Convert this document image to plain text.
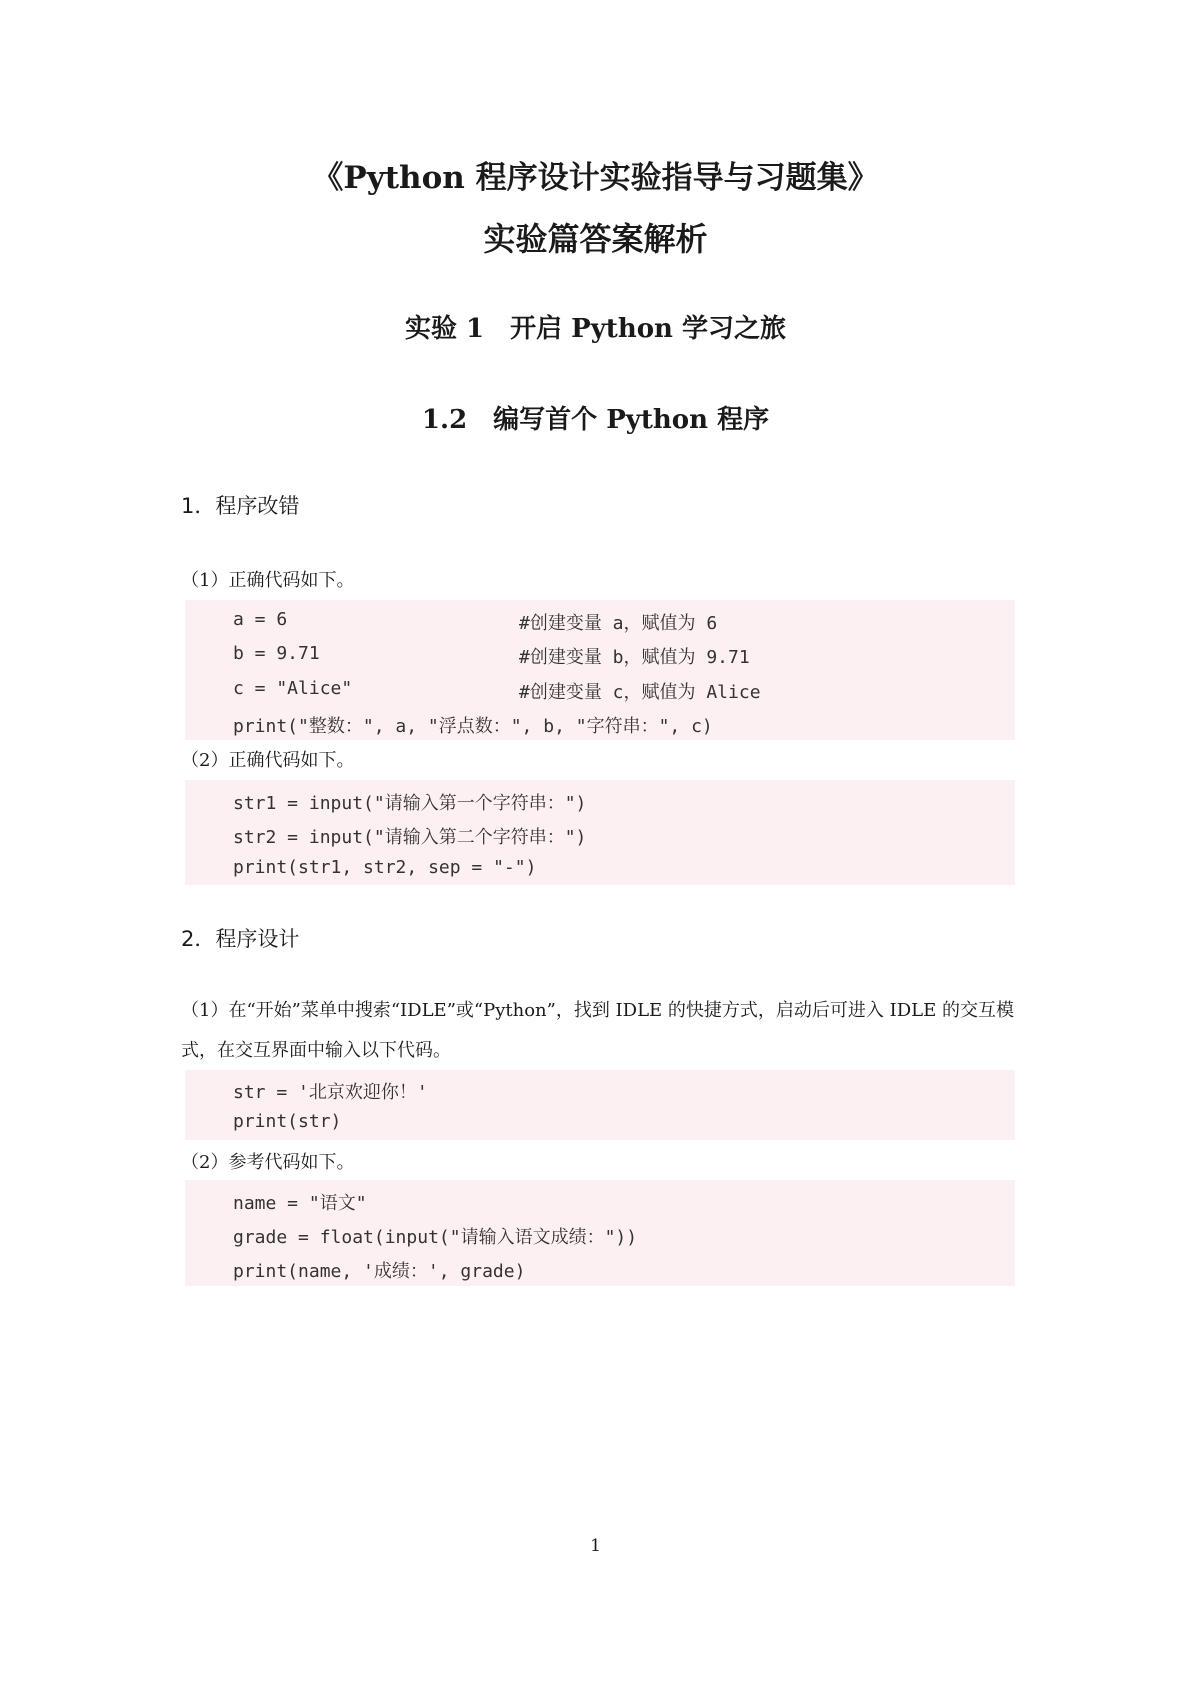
《Python 程序设计实验指导与习题集》
实验篇答案解析
实验 1　开启 Python 学习之旅
1.2　编写首个 Python 程序
1．程序改错
（1）正确代码如下。
a = 6	#创建变量 a，赋值为 6
b = 9.71	#创建变量 b，赋值为 9.71
c = "Alice"	#创建变量 c，赋值为 Alice
print("整数：", a, "浮点数：", b, "字符串：", c)
（2）正确代码如下。
str1 = input("请输入第一个字符串：")
str2 = input("请输入第二个字符串：")
print(str1, str2, sep = "-")
2．程序设计
（1）在“开始”菜单中搜索“IDLE”或“Python”，找到 IDLE 的快捷方式，启动后可进入 IDLE 的交互模式，在交互界面中输入以下代码。
str = '北京欢迎你！'
print(str)
（2）参考代码如下。
name = "语文"
grade = float(input("请输入语文成绩："))
print(name, '成绩：', grade)
1
